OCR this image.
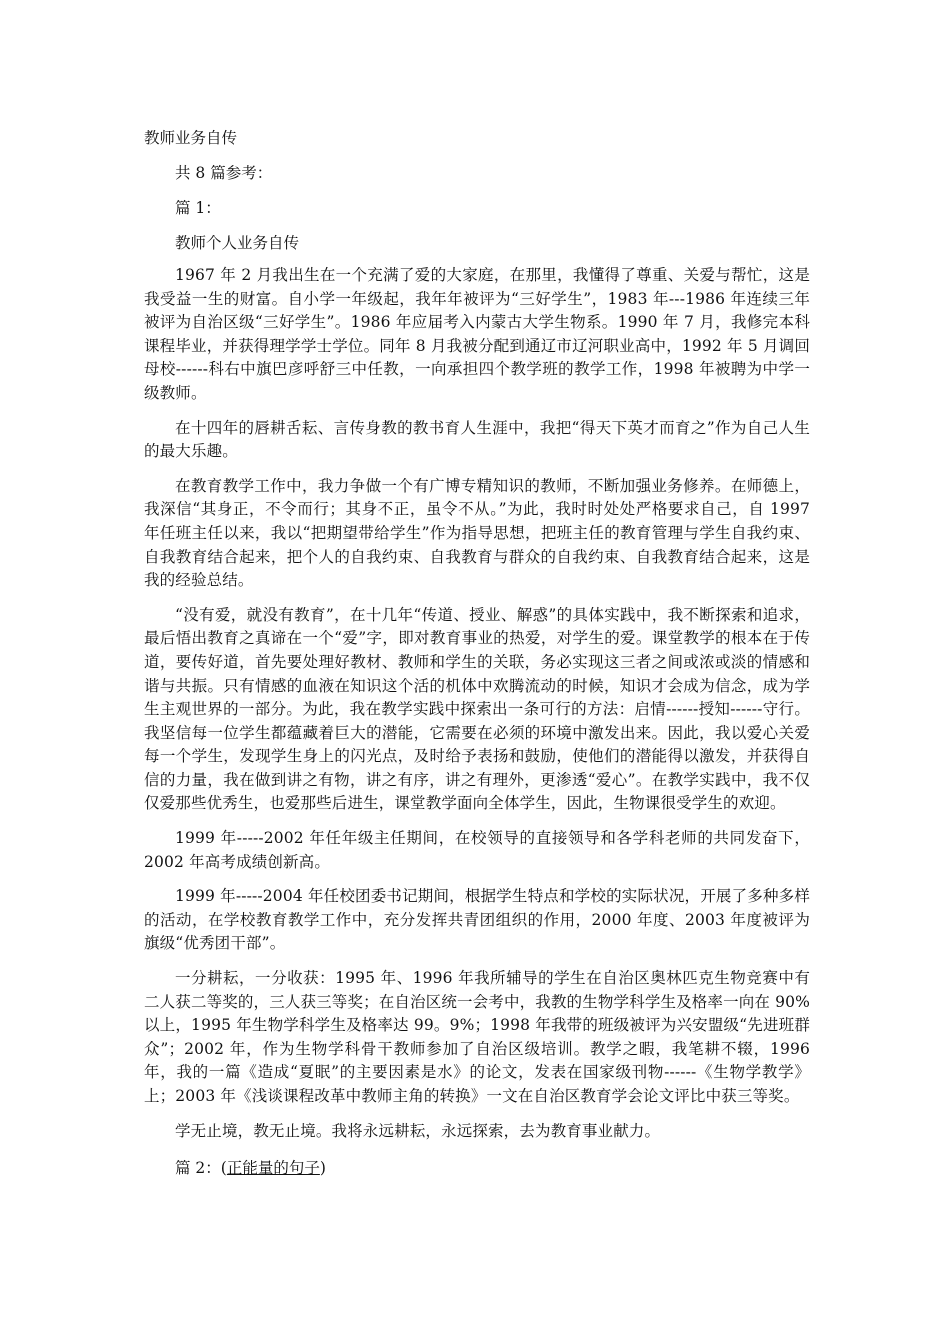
教师业务自传
共 8 篇参考：
篇 1：
教师个人业务自传

1967 年 2 月我出生在一个充满了爱的大家庭，在那里，我懂得了尊重、关爱与帮忙，这是我受益一生的财富。自小学一年级起，我年年被评为“三好学生”，1983 年---1986 年连续三年被评为自治区级“三好学生”。1986 年应届考入内蒙古大学生物系。1990 年 7 月，我修完本科课程毕业，并获得理学学士学位。同年 8 月我被分配到通辽市辽河职业高中，1992 年 5 月调回母校------科右中旗巴彦呼舒三中任教，一向承担四个教学班的教学工作，1998 年被聘为中学一级教师。

在十四年的唇耕舌耘、言传身教的教书育人生涯中，我把“得天下英才而育之”作为自己人生的最大乐趣。

在教育教学工作中，我力争做一个有广博专精知识的教师，不断加强业务修养。在师德上，我深信“其身正，不令而行；其身不正，虽令不从。”为此，我时时处处严格要求自己，自 1997 年任班主任以来，我以“把期望带给学生”作为指导思想，把班主任的教育管理与学生自我约束、自我教育结合起来，把个人的自我约束、自我教育与群众的自我约束、自我教育结合起来，这是我的经验总结。

“没有爱，就没有教育”，在十几年“传道、授业、解惑”的具体实践中，我不断探索和追求，最后悟出教育之真谛在一个“爱”字，即对教育事业的热爱，对学生的爱。课堂教学的根本在于传道，要传好道，首先要处理好教材、教师和学生的关联，务必实现这三者之间或浓或淡的情感和谐与共振。只有情感的血液在知识这个活的机体中欢腾流动的时候，知识才会成为信念，成为学生主观世界的一部分。为此，我在教学实践中探索出一条可行的方法：启情------授知------守行。我坚信每一位学生都蕴藏着巨大的潜能，它需要在必须的环境中激发出来。因此，我以爱心关爱每一个学生，发现学生身上的闪光点，及时给予表扬和鼓励，使他们的潜能得以激发，并获得自信的力量，我在做到讲之有物，讲之有序，讲之有理外，更渗透“爱心”。在教学实践中，我不仅仅爱那些优秀生，也爱那些后进生，课堂教学面向全体学生，因此，生物课很受学生的欢迎。

1999 年-----2002 年任年级主任期间，在校领导的直接领导和各学科老师的共同发奋下，2002 年高考成绩创新高。

1999 年-----2004 年任校团委书记期间，根据学生特点和学校的实际状况，开展了多种多样的活动，在学校教育教学工作中，充分发挥共青团组织的作用，2000 年度、2003 年度被评为旗级“优秀团干部”。

一分耕耘，一分收获：1995 年、1996 年我所辅导的学生在自治区奥林匹克生物竞赛中有二人获二等奖的，三人获三等奖；在自治区统一会考中，我教的生物学科学生及格率一向在 90%以上，1995 年生物学科学生及格率达 99。9%；1998 年我带的班级被评为兴安盟级“先进班群众”；2002 年，作为生物学科骨干教师参加了自治区级培训。教学之暇，我笔耕不辍，1996 年，我的一篇《造成“夏眠”的主要因素是水》的论文，发表在国家级刊物------《生物学教学》上；2003 年《浅谈课程改革中教师主角的转换》一文在自治区教育学会论文评比中获三等奖。

学无止境，教无止境。我将永远耕耘，永远探索，去为教育事业献力。

篇 2：(正能量的句子)
